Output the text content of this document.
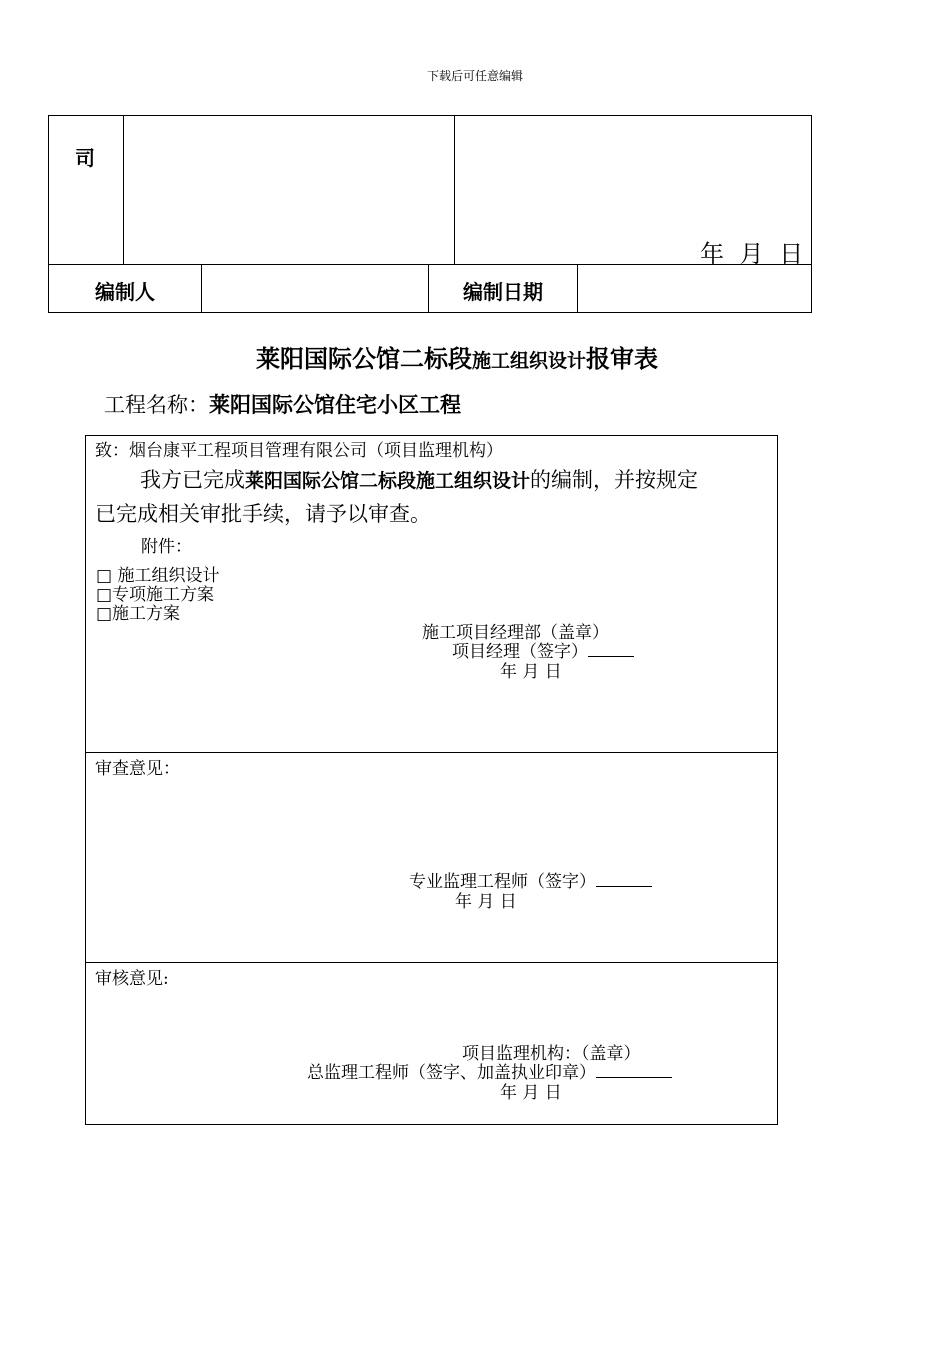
下载后可任意编辑
司
年 月 日
编制人	编制日期
莱阳国际公馆二标段施工组织设计报审表
工程名称：莱阳国际公馆住宅小区工程
致：烟台康平工程项目管理有限公司（项目监理机构）
我方已完成莱阳国际公馆二标段施工组织设计的编制，并按规定
已完成相关审批手续，请予以审查。
附件：
□ 施工组织设计
□专项施工方案
□施工方案
施工项目经理部（盖章）
项目经理（签字）
年 月 日
审查意见：
专业监理工程师（签字）
年 月 日
审核意见:
项目监理机构：（盖章）
总监理工程师（签字、加盖执业印章）
年 月 日
